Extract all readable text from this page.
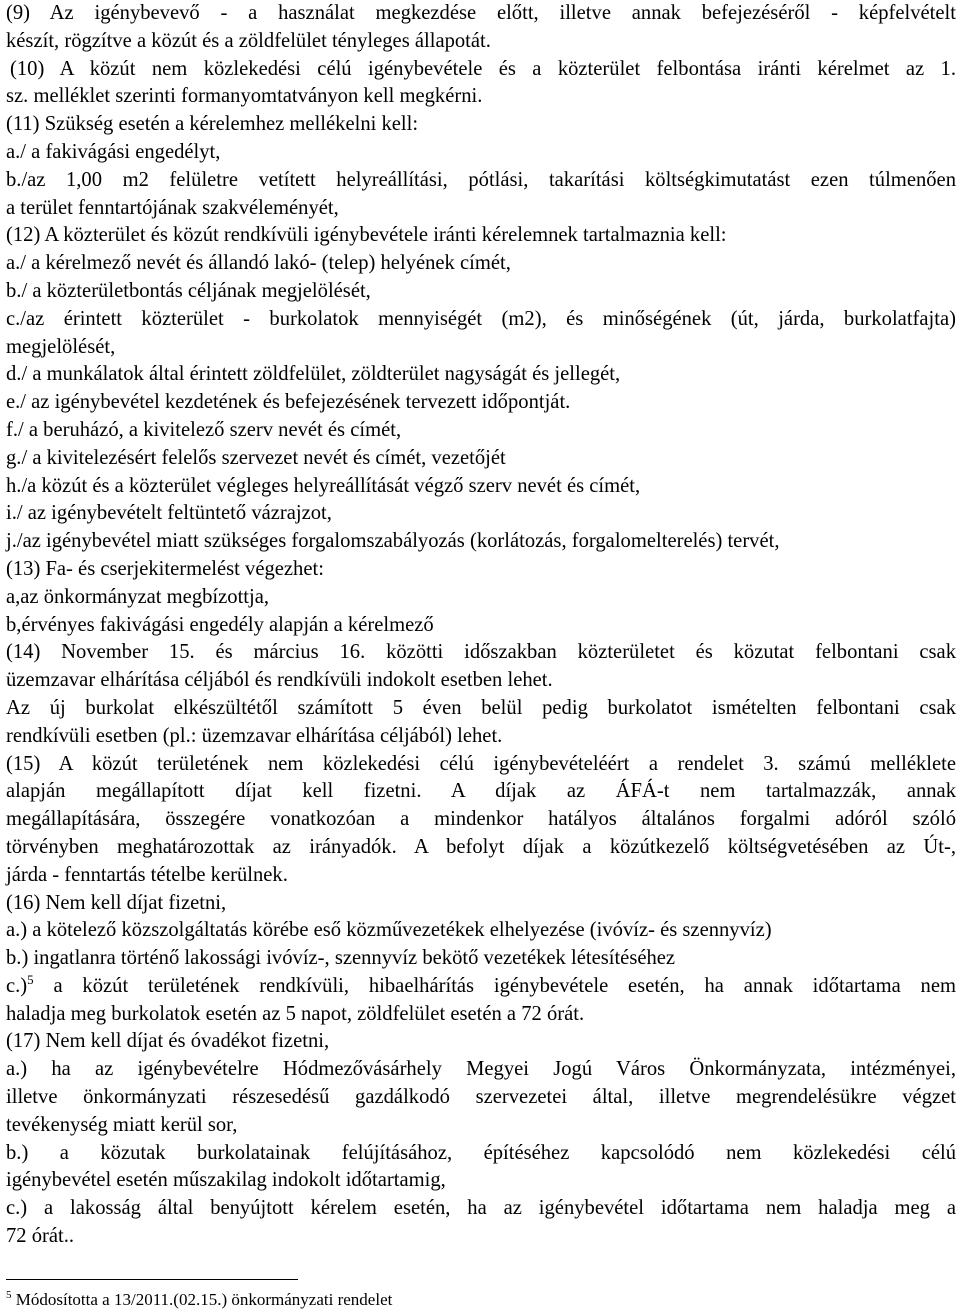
(9) Az igénybevevő - a használat megkezdése előtt, illetve annak befejezéséről - képfelvételt
készít, rögzítve a közút és a zöldfelület tényleges állapotát.
(10) A közút nem közlekedési célú igénybevétele és a közterület felbontása iránti kérelmet az 1.
sz. melléklet szerinti formanyomtatványon kell megkérni.
(11) Szükség esetén a kérelemhez mellékelni kell:
a./ a fakivágási engedélyt,
b./az 1,00 m2 felületre vetített helyreállítási, pótlási, takarítási költségkimutatást ezen túlmenően
a terület fenntartójának szakvéleményét,
(12) A közterület és közút rendkívüli igénybevétele iránti kérelemnek tartalmaznia kell:
a./ a kérelmező nevét és állandó lakó- (telep) helyének címét,
b./ a közterületbontás céljának megjelölését,
c./az érintett közterület - burkolatok mennyiségét (m2), és minőségének (út, járda, burkolatfajta)
megjelölését,
d./ a munkálatok által érintett zöldfelület, zöldterület nagyságát és jellegét,
e./ az igénybevétel kezdetének és befejezésének tervezett időpontját.
f./ a beruházó, a kivitelező szerv nevét és címét,
g./ a kivitelezésért felelős szervezet nevét és címét, vezetőjét
h./a közút és a közterület végleges helyreállítását végző szerv nevét és címét,
i./ az igénybevételt feltüntető vázrajzot,
j./az igénybevétel miatt szükséges forgalomszabályozás (korlátozás, forgalomelterelés) tervét,
(13) Fa- és cserjekitermelést végezhet:
a,az önkormányzat megbízottja,
b,érvényes fakivágási engedély alapján a kérelmező
(14) November 15. és március 16. közötti időszakban közterületet és közutat felbontani csak
üzemzavar elhárítása céljából és rendkívüli indokolt esetben lehet.
Az új burkolat elkészültétől számított 5 éven belül pedig burkolatot ismételten felbontani csak
rendkívüli esetben (pl.: üzemzavar elhárítása céljából) lehet.
(15) A közút területének nem közlekedési célú igénybevételéért a rendelet 3. számú melléklete
alapján megállapított díjat kell fizetni. A díjak az ÁFÁ-t nem tartalmazzák, annak
megállapítására, összegére vonatkozóan a mindenkor hatályos általános forgalmi adóról szóló
törvényben meghatározottak az irányadók. A befolyt díjak a közútkezelő költségvetésében az Út-,
járda - fenntartás tételbe kerülnek.
(16) Nem kell díjat fizetni,
a.) a kötelező közszolgáltatás körébe eső közművezetékek elhelyezése (ivóvíz- és szennyvíz)
b.) ingatlanra történő lakossági ivóvíz-, szennyvíz bekötő vezetékek létesítéséhez
c.)$^5$ a közút területének rendkívüli, hibaelhárítás igénybevétele esetén, ha annak időtartama nem
haladja meg burkolatok esetén az 5 napot, zöldfelület esetén a 72 órát.
(17) Nem kell díjat és óvadékot fizetni,
a.) ha az igénybevételre Hódmezővásárhely Megyei Jogú Város Önkormányzata, intézményei,
illetve önkormányzati részesedésű gazdálkodó szervezetei által, illetve megrendelésükre végzet
tevékenység miatt kerül sor,
b.) a közutak burkolatainak felújításához, építéséhez kapcsolódó nem közlekedési célú
igénybevétel esetén műszakilag indokolt időtartamig,
c.) a lakosság által benyújtott kérelem esetén, ha az igénybevétel időtartama nem haladja meg a
72 órát..
$^5$ Módosította a 13/2011.(02.15.) önkormányzati rendelet
